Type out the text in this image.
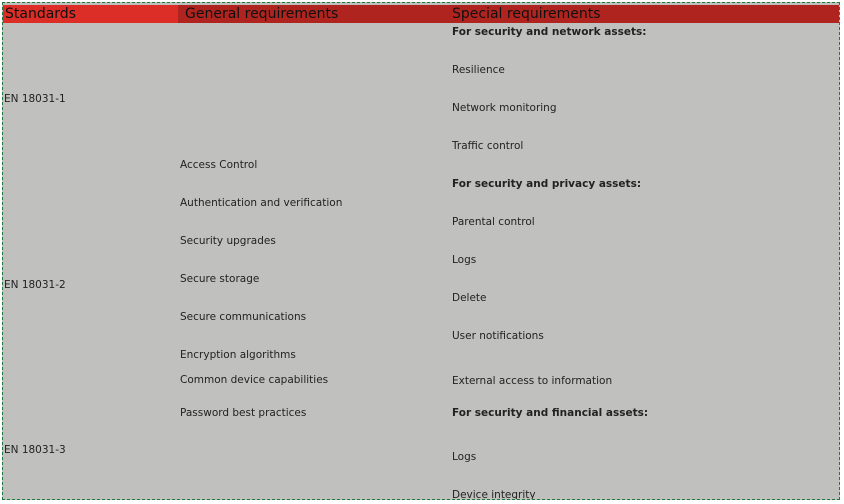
Standards	General requirements	Special requirements
EN 18031-1
EN 18031-2
EN 18031-3
Access Control
Authentication and verification
Security upgrades
Secure storage
Secure communications
Encryption algorithms
Common device capabilities
Password best practices
For security and network assets:
Resilience
Network monitoring
Traffic control
For security and privacy assets:
Parental control
Logs
Delete
User notifications
External access to information
For security and financial assets:
Logs
Device integrity
